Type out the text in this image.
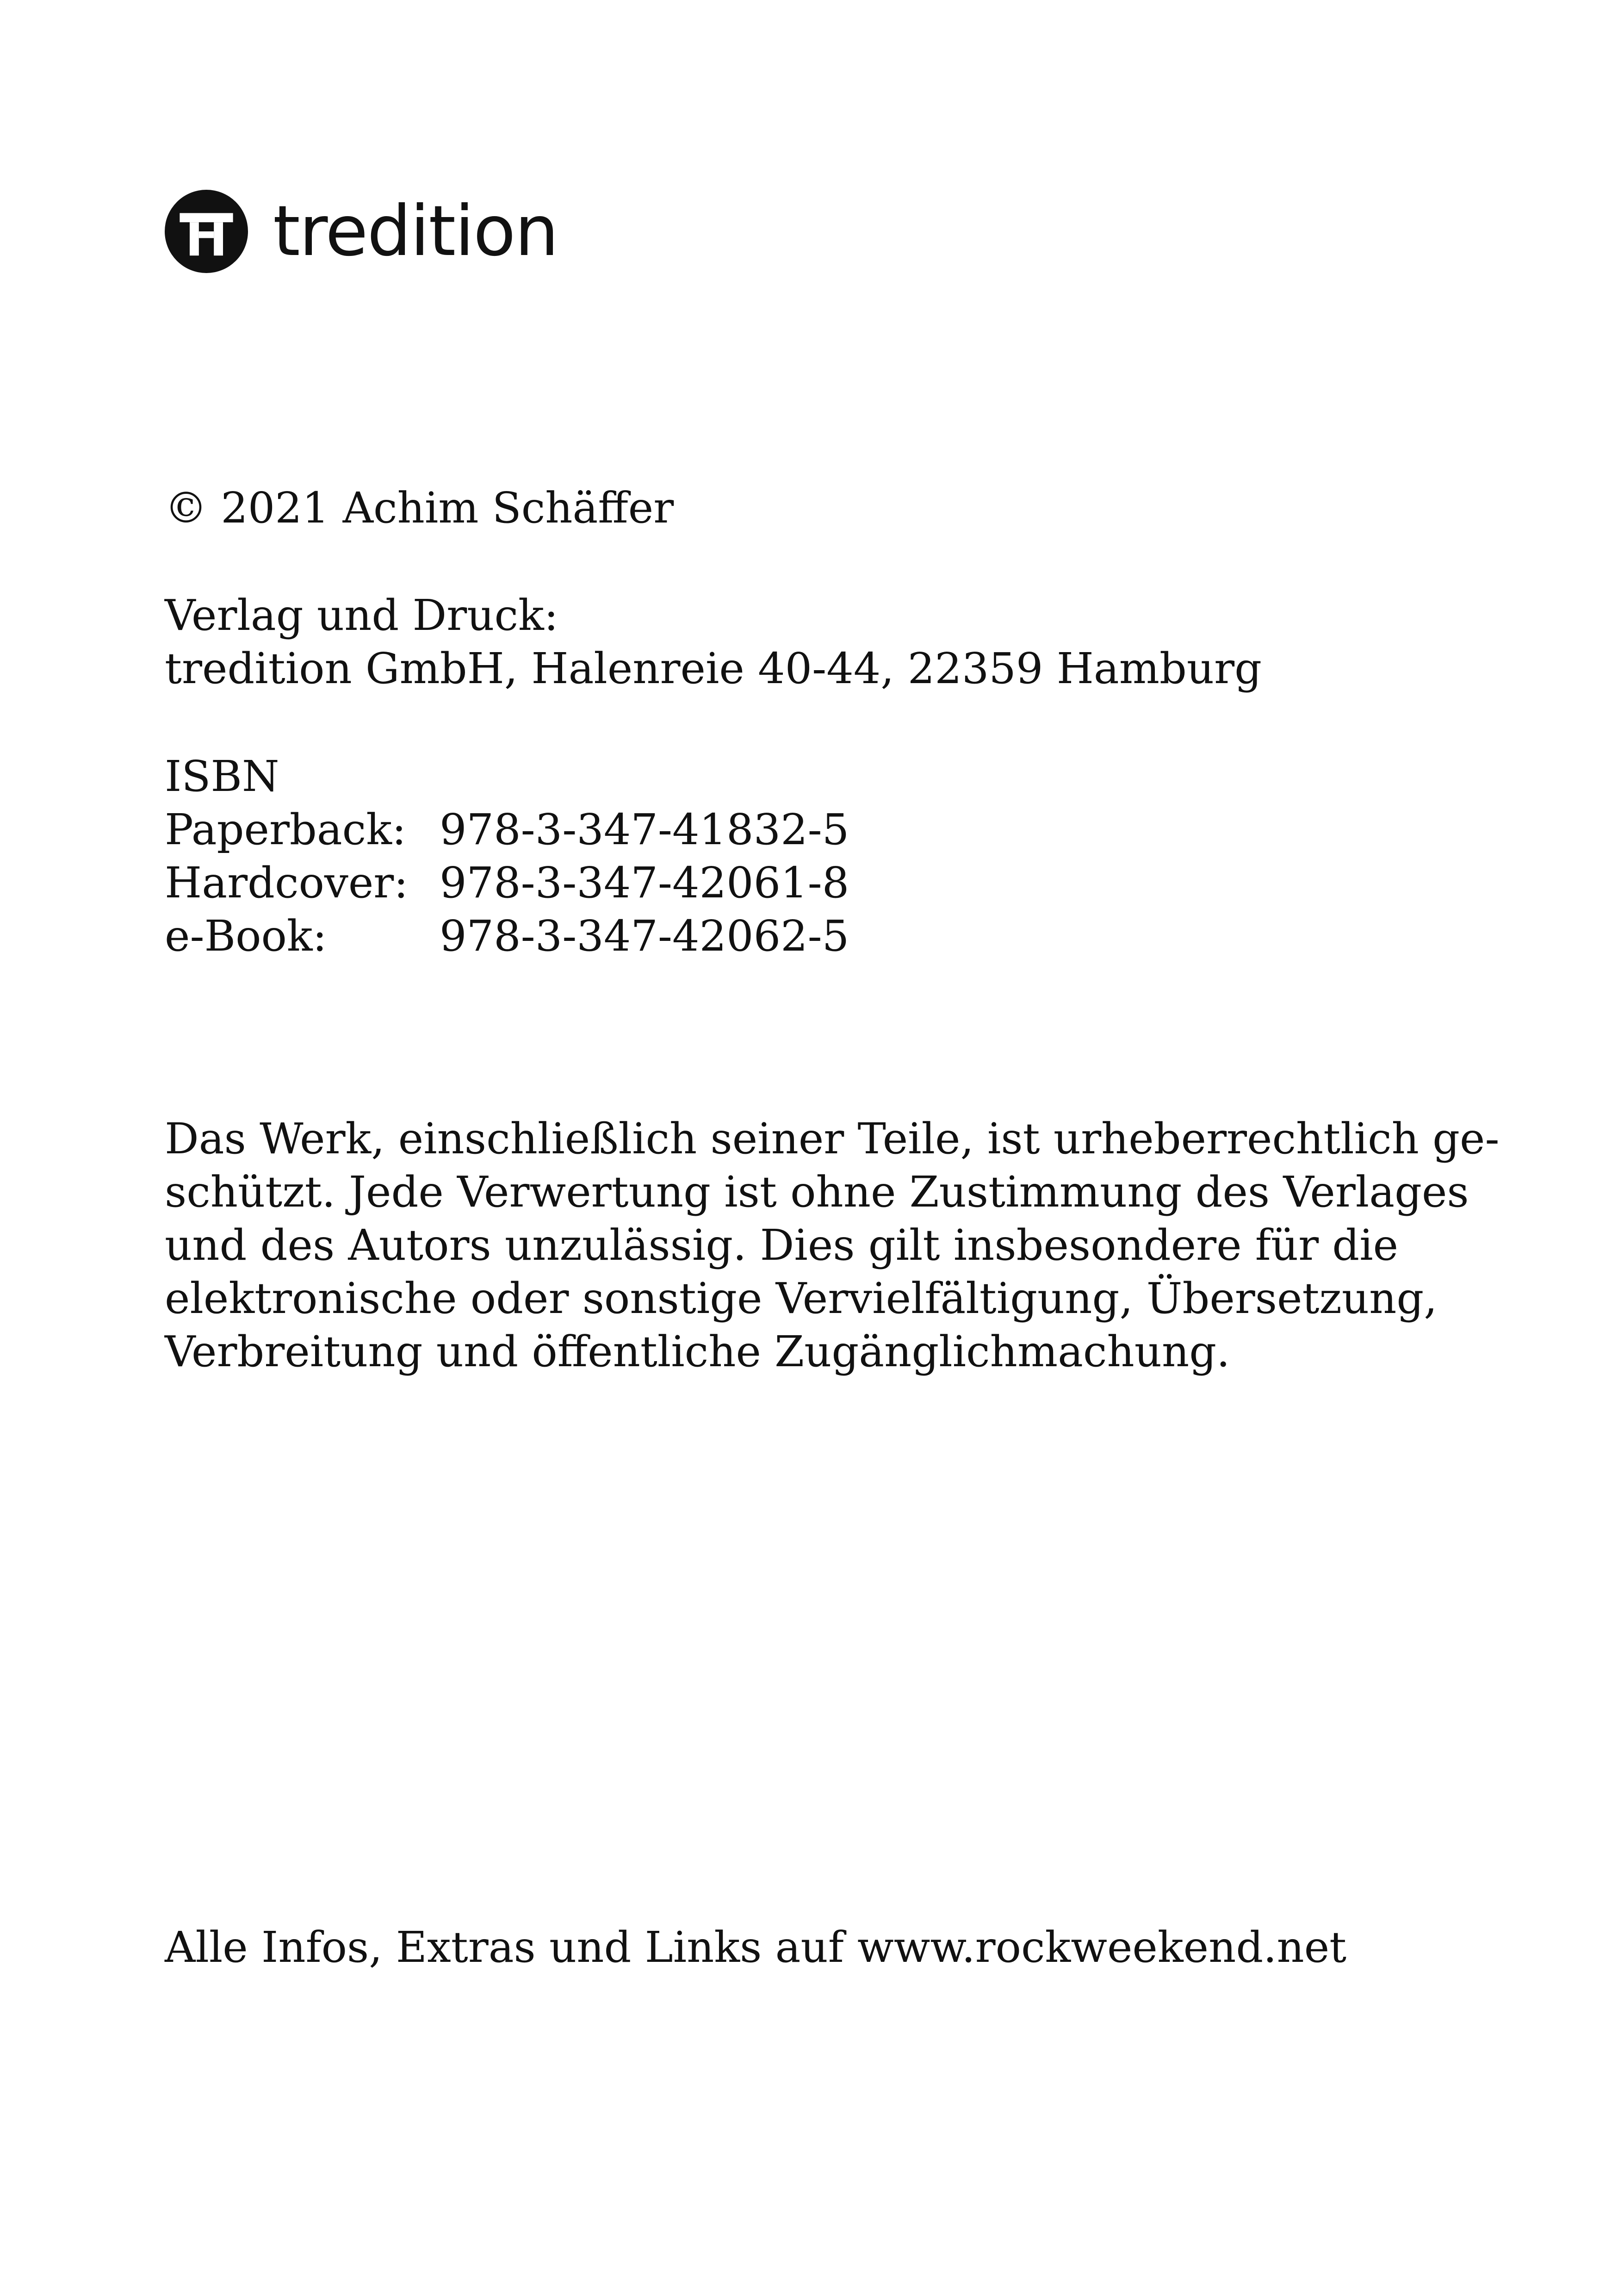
tredition
© 2021 Achim Schäffer
Verlag und Druck:
tredition GmbH, Halenreie 40-44, 22359 Hamburg
ISBN
Paperback: 978-3-347-41832-5
Hardcover: 978-3-347-42061-8
e-Book:	978-3-347-42062-5
Das Werk, einschließlich seiner Teile, ist urheberrechtlich ge-
schützt. Jede Verwertung ist ohne Zustimmung des Verlages
und des Autors unzulässig. Dies gilt insbesondere für die
elektronische oder sonstige Vervielfältigung, Übersetzung,
Verbreitung und öffentliche Zugänglichmachung.
Alle Infos, Extras und Links auf www.rockweekend.net
